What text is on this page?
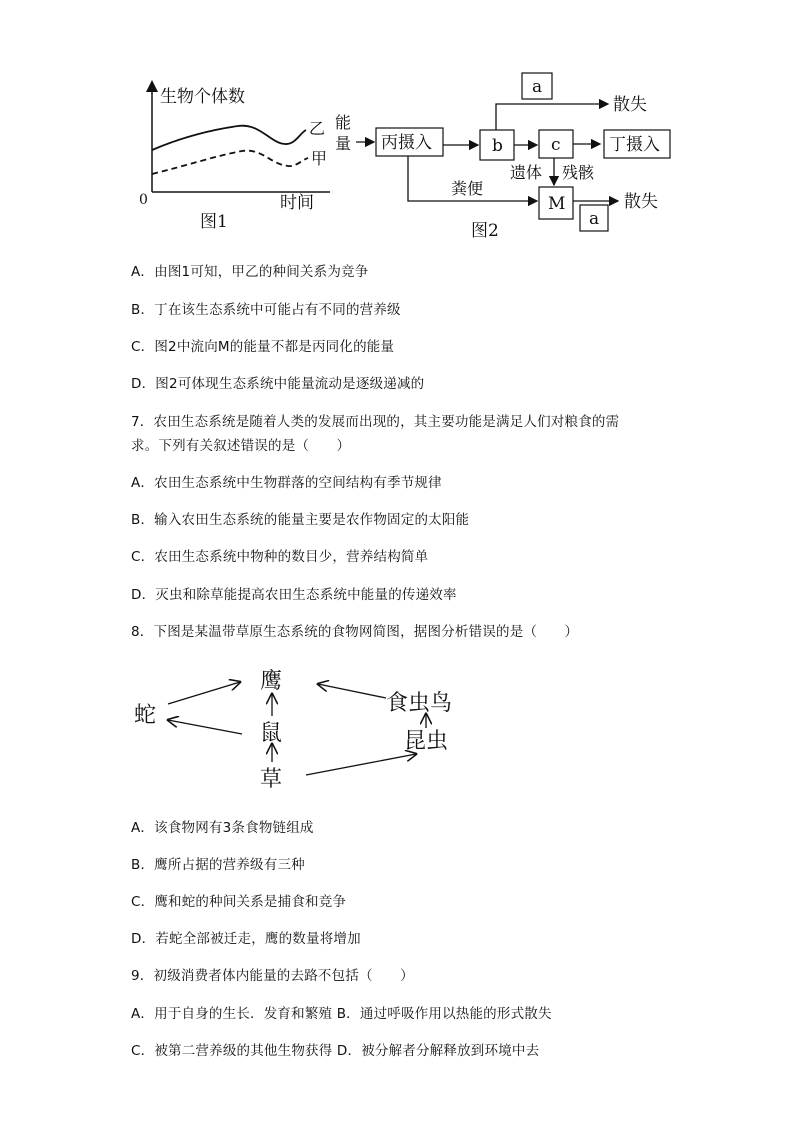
生物个体数
时间
0
乙
甲
图1
能
量 丙摄入	b	c	丁摄入
a
散失
遗体 残骸
粪便
M
a
散失
图2
A．由图1可知，甲乙的种间关系为竞争
B．丁在该生态系统中可能占有不同的营养级
C．图2中流向M的能量不都是丙同化的能量
D．图2可体现生态系统中能量流动是逐级递减的
7．农田生态系统是随着人类的发展而出现的，其主要功能是满足人们对粮食的需
求。下列有关叙述错误的是（　　）
A．农田生态系统中生物群落的空间结构有季节规律
B．输入农田生态系统的能量主要是农作物固定的太阳能
C．农田生态系统中物种的数目少，营养结构简单
D．灭虫和除草能提高农田生态系统中能量的传递效率
8．下图是某温带草原生态系统的食物网简图，据图分析错误的是（　　）
鹰
蛇
鼠
草
食虫鸟
昆虫
A．该食物网有3条食物链组成
B．鹰所占据的营养级有三种
C．鹰和蛇的种间关系是捕食和竞争
D．若蛇全部被迁走，鹰的数量将增加
9．初级消费者体内能量的去路不包括（　　）
A．用于自身的生长．发育和繁殖 B．通过呼吸作用以热能的形式散失
C．被第二营养级的其他生物获得 D．被分解者分解释放到环境中去
